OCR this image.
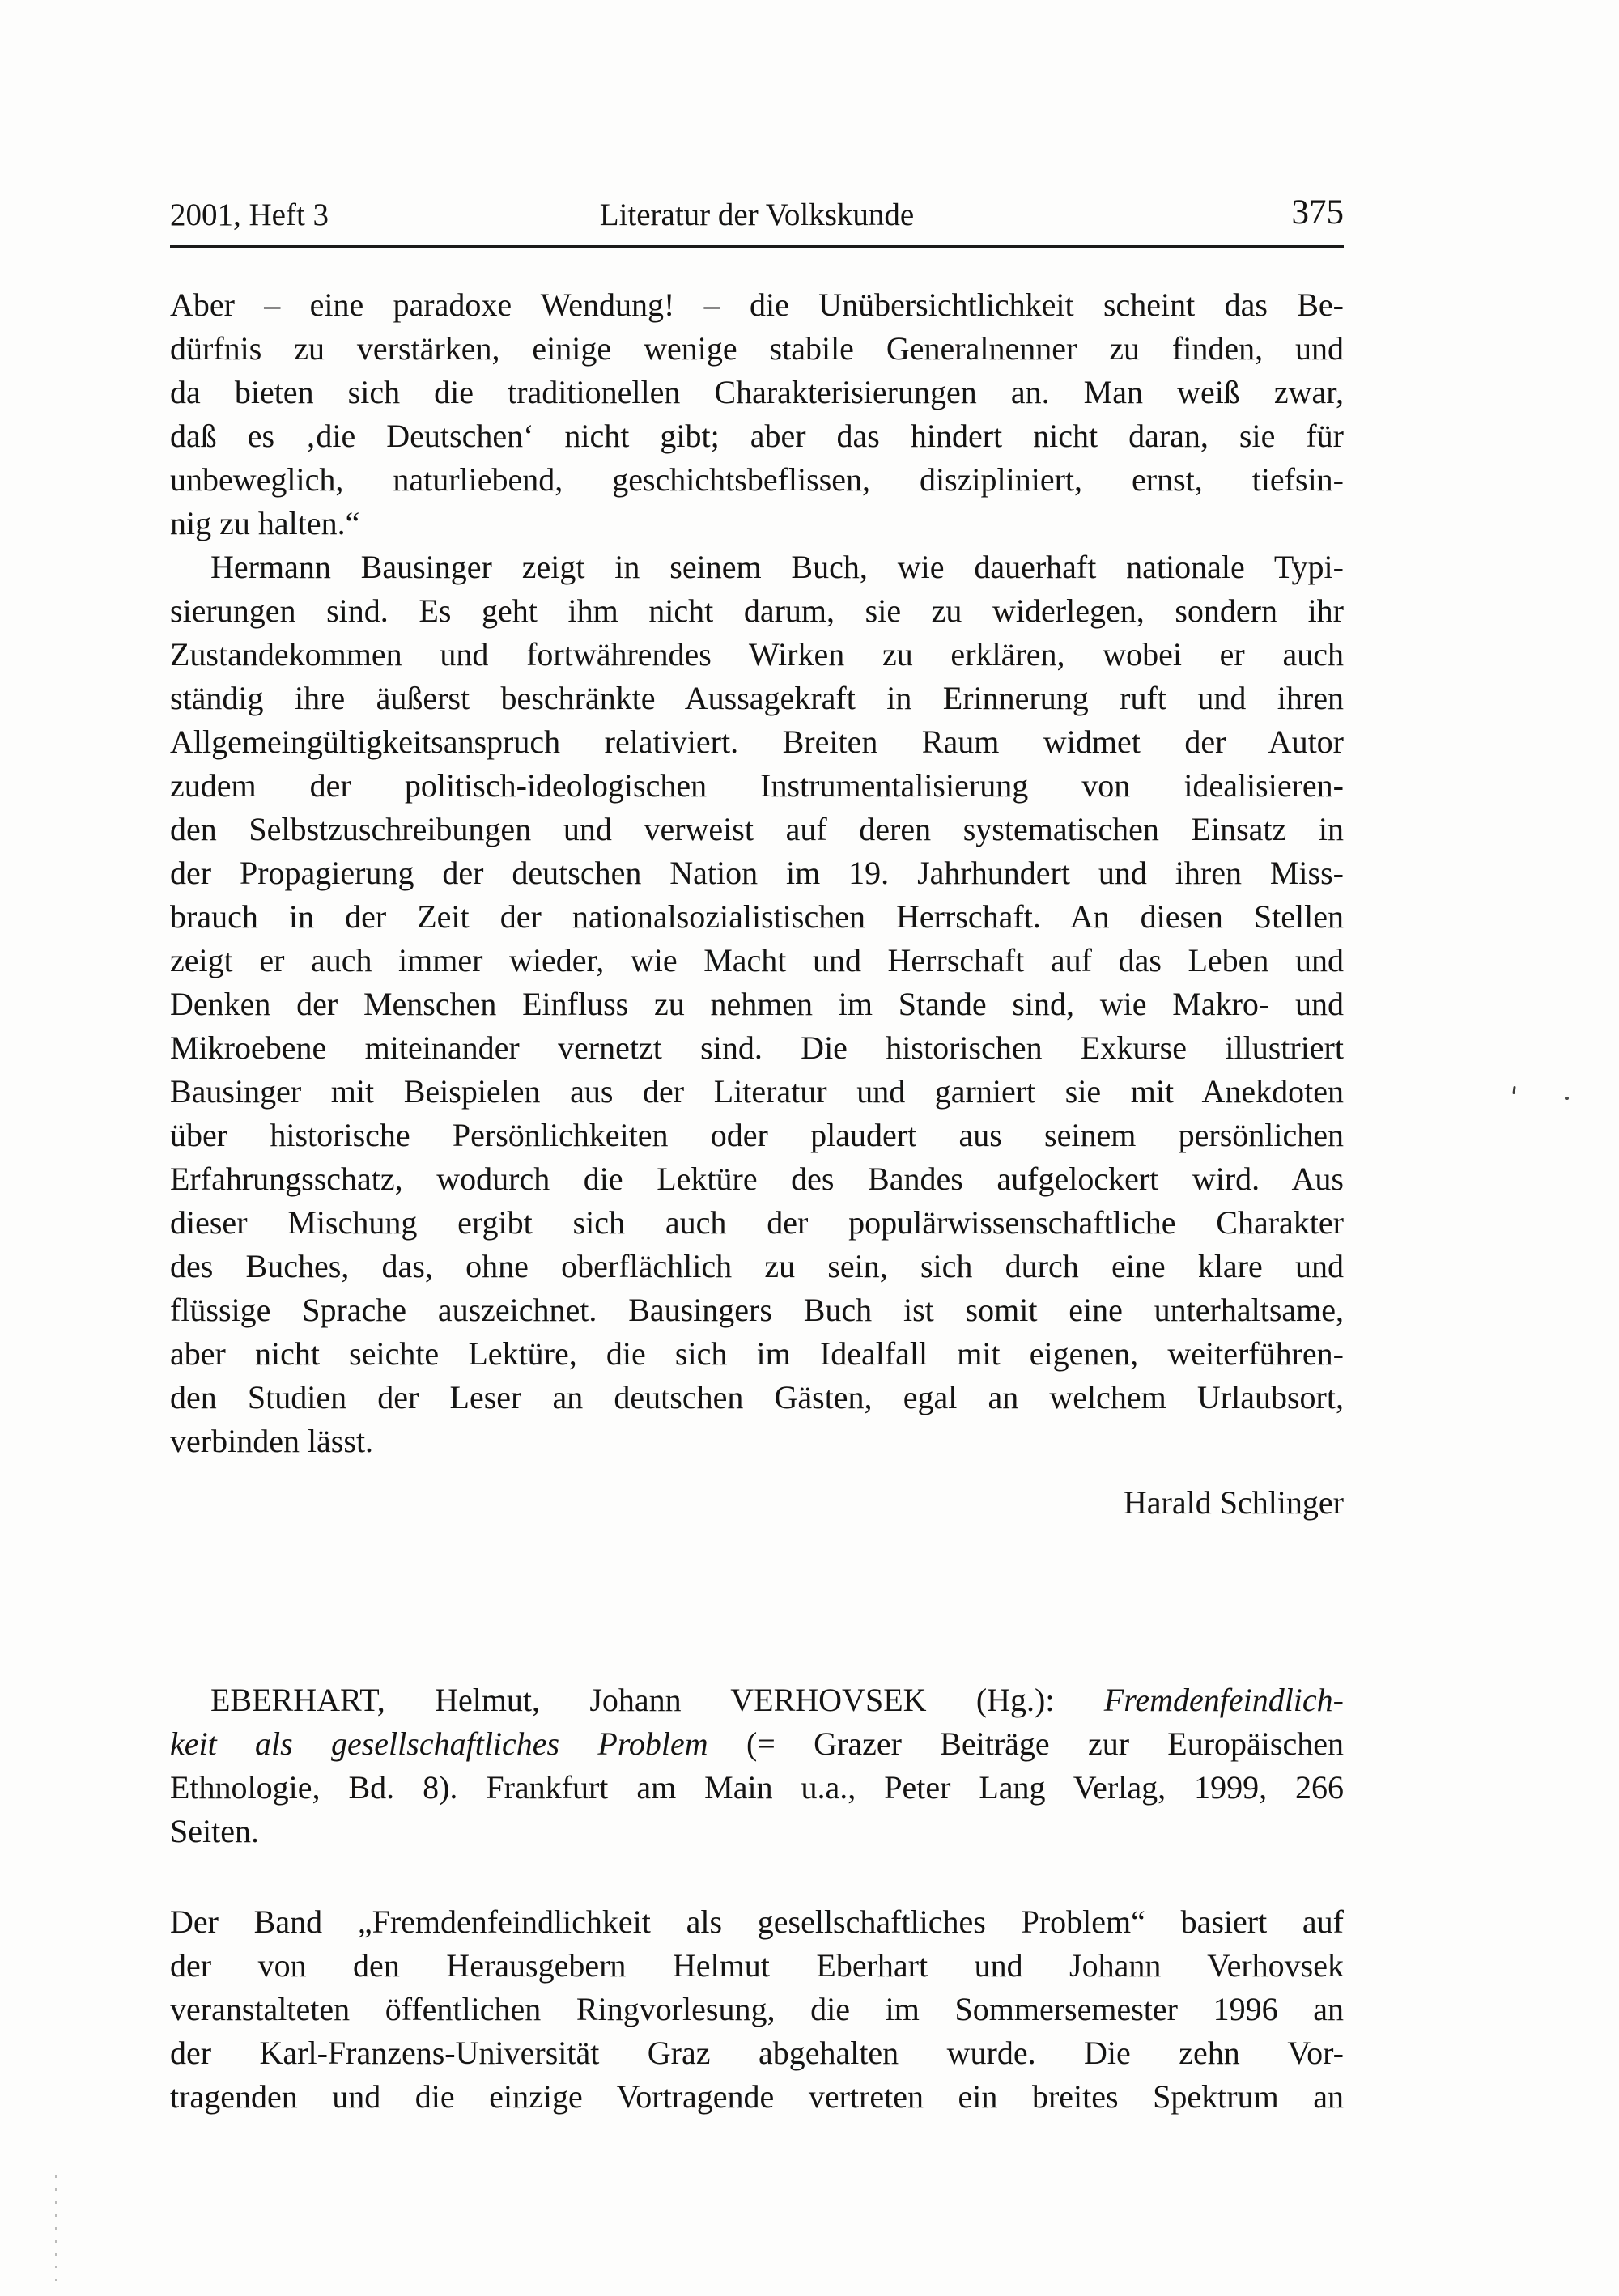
2001, Heft 3	Literatur der Volkskunde	375
Aber – eine paradoxe Wendung! – die Unübersichtlichkeit scheint das Be-
dürfnis zu verstärken, einige wenige stabile Generalnenner zu finden, und
da bieten sich die traditionellen Charakterisierungen an. Man weiß zwar,
daß es ‚die Deutschen‘ nicht gibt; aber das hindert nicht daran, sie für
unbeweglich, naturliebend, geschichtsbeflissen, diszipliniert, ernst, tiefsin-
nig zu halten.“
Hermann Bausinger zeigt in seinem Buch, wie dauerhaft nationale Typi-
sierungen sind. Es geht ihm nicht darum, sie zu widerlegen, sondern ihr
Zustandekommen und fortwährendes Wirken zu erklären, wobei er auch
ständig ihre äußerst beschränkte Aussagekraft in Erinnerung ruft und ihren
Allgemeingültigkeitsanspruch relativiert. Breiten Raum widmet der Autor
zudem der politisch-ideologischen Instrumentalisierung von idealisieren-
den Selbstzuschreibungen und verweist auf deren systematischen Einsatz in
der Propagierung der deutschen Nation im 19. Jahrhundert und ihren Miss-
brauch in der Zeit der nationalsozialistischen Herrschaft. An diesen Stellen
zeigt er auch immer wieder, wie Macht und Herrschaft auf das Leben und
Denken der Menschen Einfluss zu nehmen im Stande sind, wie Makro- und
Mikroebene miteinander vernetzt sind. Die historischen Exkurse illustriert
Bausinger mit Beispielen aus der Literatur und garniert sie mit Anekdoten
über historische Persönlichkeiten oder plaudert aus seinem persönlichen
Erfahrungsschatz, wodurch die Lektüre des Bandes aufgelockert wird. Aus
dieser Mischung ergibt sich auch der populärwissenschaftliche Charakter
des Buches, das, ohne oberflächlich zu sein, sich durch eine klare und
flüssige Sprache auszeichnet. Bausingers Buch ist somit eine unterhaltsame,
aber nicht seichte Lektüre, die sich im Idealfall mit eigenen, weiterführen-
den Studien der Leser an deutschen Gästen, egal an welchem Urlaubsort,
verbinden lässt.
Harald Schlinger
EBERHART, Helmut, Johann VERHOVSEK (Hg.): Fremdenfeindlich-
keit als gesellschaftliches Problem (= Grazer Beiträge zur Europäischen
Ethnologie, Bd. 8). Frankfurt am Main u.a., Peter Lang Verlag, 1999, 266
Seiten.
Der Band „Fremdenfeindlichkeit als gesellschaftliches Problem“ basiert auf
der von den Herausgebern Helmut Eberhart und Johann Verhovsek
veranstalteten öffentlichen Ringvorlesung, die im Sommersemester 1996 an
der Karl-Franzens-Universität Graz abgehalten wurde. Die zehn Vor-
tragenden und die einzige Vortragende vertreten ein breites Spektrum an
